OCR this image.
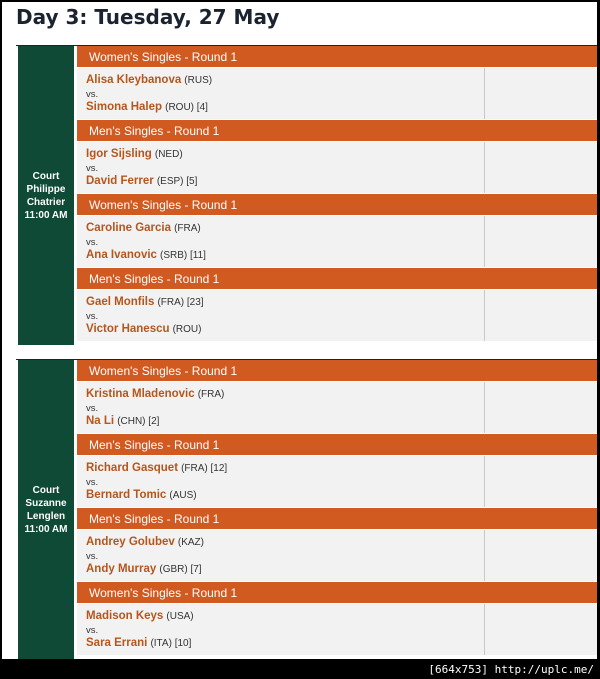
Day 3: Tuesday, 27 May
Court
Philippe
Chatrier
11:00 AM
Women's Singles - Round 1
Alisa Kleybanova (RUS)
vs.
Simona Halep (ROU) [4]
Men's Singles - Round 1
Igor Sijsling (NED)
vs.
David Ferrer (ESP) [5]
Women's Singles - Round 1
Caroline Garcia (FRA)
vs.
Ana Ivanovic (SRB) [11]
Men's Singles - Round 1
Gael Monfils (FRA) [23]
vs.
Victor Hanescu (ROU)
Court
Suzanne
Lenglen
11:00 AM
Women's Singles - Round 1
Kristina Mladenovic (FRA)
vs.
Na Li (CHN) [2]
Men's Singles - Round 1
Richard Gasquet (FRA) [12]
vs.
Bernard Tomic (AUS)
Men's Singles - Round 1
Andrey Golubev (KAZ)
vs.
Andy Murray (GBR) [7]
Women's Singles - Round 1
Madison Keys (USA)
vs.
Sara Errani (ITA) [10]
[664x753] http://uplc.me/
